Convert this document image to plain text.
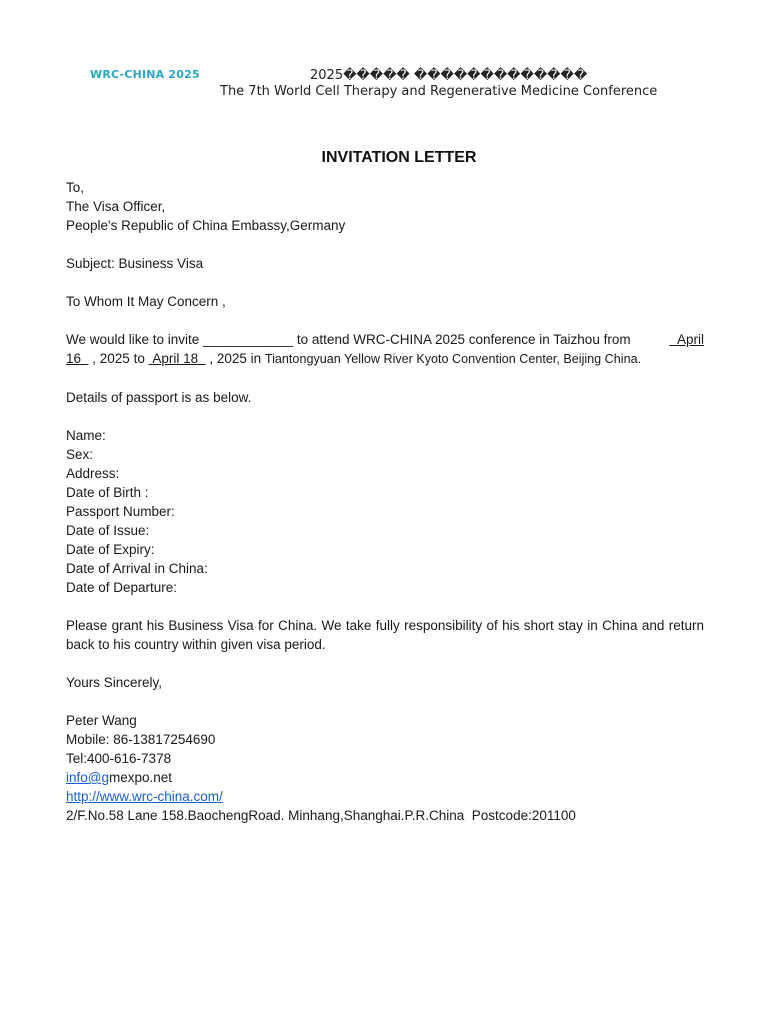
WRC-CHINA 2025	2025����� �������������
The 7th World Cell Therapy and Regenerative Medicine Conference
INVITATION LETTER
To,
The Visa Officer,
People's Republic of China Embassy,Germany
Subject: Business Visa
To Whom It May Concern ,
We would like to invite ____________ to attend WRC-CHINA 2025 conference in Taizhou from	April
16   , 2025 to  April 18   , 2025 in Tiantongyuan Yellow River Kyoto Convention Center, Beijing China.
Details of passport is as below.
Name:
Sex:
Address:
Date of Birth :
Passport Number:
Date of Issue:
Date of Expiry:
Date of Arrival in China:
Date of Departure:
Please grant his Business Visa for China. We take fully responsibility of his short stay in China and return back to his country within given visa period.
Yours Sincerely,
Peter Wang
Mobile: 86-13817254690
Tel:400-616-7378
info@gmexpo.net
http://www.wrc-china.com/
2/F.No.58 Lane 158.BaochengRoad. Minhang,Shanghai.P.R.China  Postcode:201100
